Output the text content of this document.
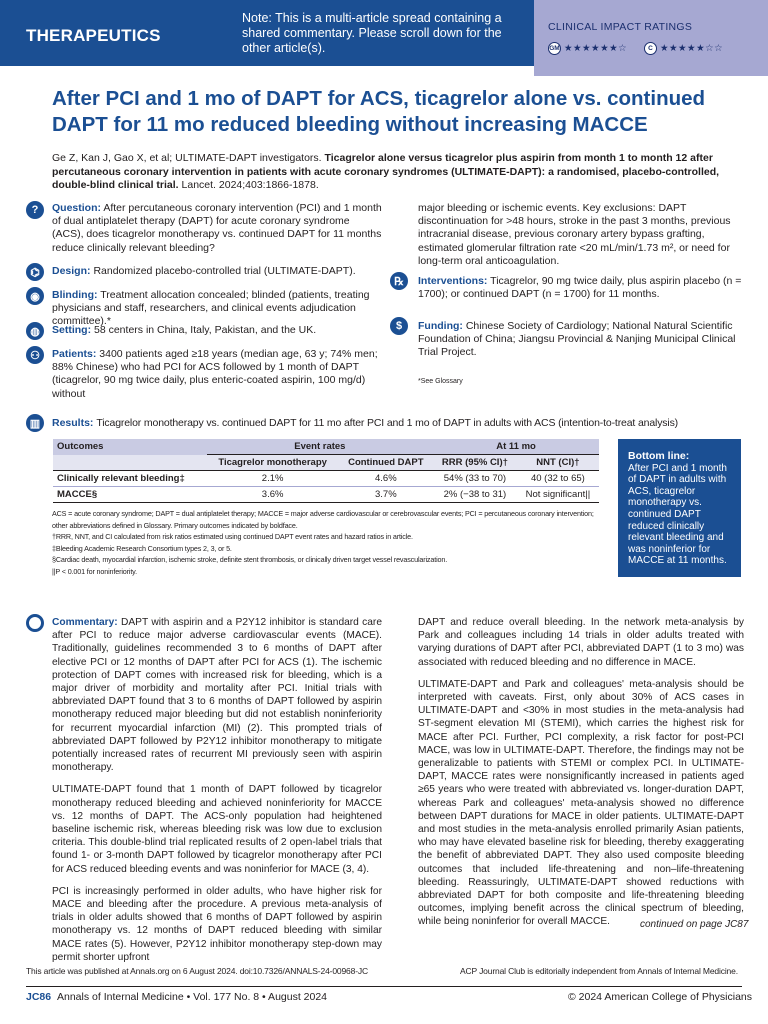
THERAPEUTICS
Note: This is a multi-article spread containing a shared commentary. Please scroll down for the other article(s).
CLINICAL IMPACT RATINGS
GM ★★★★★★☆	C ★★★★★☆☆
After PCI and 1 mo of DAPT for ACS, ticagrelor alone vs. continued DAPT for 11 mo reduced bleeding without increasing MACCE
Ge Z, Kan J, Gao X, et al; ULTIMATE-DAPT investigators. Ticagrelor alone versus ticagrelor plus aspirin from month 1 to month 12 after percutaneous coronary intervention in patients with acute coronary syndromes (ULTIMATE-DAPT): a randomised, placebo-controlled, double-blind clinical trial. Lancet. 2024;403:1866-1878.
?	Question: After percutaneous coronary intervention (PCI) and 1 month of dual antiplatelet therapy (DAPT) for acute coronary syndrome (ACS), does ticagrelor monotherapy vs. continued DAPT for 11 months reduce clinically relevant bleeding?
⌬	Design: Randomized placebo-controlled trial (ULTIMATE-DAPT).
◉	Blinding: Treatment allocation concealed; blinded (patients, treating physicians and staff, researchers, and clinical events adjudication committee).*
◍	Setting: 58 centers in China, Italy, Pakistan, and the UK.
⚇	Patients: 3400 patients aged ≥18 years (median age, 63 y; 74% men; 88% Chinese) who had PCI for ACS followed by 1 month of DAPT (ticagrelor, 90 mg twice daily, plus enteric-coated aspirin, 100 mg/d) without
major bleeding or ischemic events. Key exclusions: DAPT discontinuation for >48 hours, stroke in the past 3 months, previous intracranial disease, previous coronary artery bypass grafting, estimated glomerular filtration rate <20 mL/min/1.73 m², or need for long-term oral anticoagulation.
℞	Interventions: Ticagrelor, 90 mg twice daily, plus aspirin placebo (n = 1700); or continued DAPT (n = 1700) for 11 months.
$	Funding: Chinese Society of Cardiology; National Natural Scientific Foundation of China; Jiangsu Provincial & Nanjing Municipal Clinical Trial Project.
*See Glossary
▥	Results: Ticagrelor monotherapy vs. continued DAPT for 11 mo after PCI and 1 mo of DAPT in adults with ACS (intention-to-treat analysis)
Outcomes	Event rates		At 11 mo	
	Ticagrelor monotherapy	Continued DAPT	RRR (95% CI)†	NNT (CI)†
Clinically relevant bleeding‡	2.1%	4.6%	54% (33 to 70)	40 (32 to 65)
MACCE§	3.6%	3.7%	2% (−38 to 31)	Not significant||
ACS = acute coronary syndrome; DAPT = dual antiplatelet therapy; MACCE = major adverse cardiovascular or cerebrovascular events; PCI = percutaneous coronary intervention; other abbreviations defined in Glossary. Primary outcomes indicated by boldface.
†RRR, NNT, and CI calculated from risk ratios estimated using continued DAPT event rates and hazard ratios in article.
‡Bleeding Academic Research Consortium types 2, 3, or 5.
§Cardiac death, myocardial infarction, ischemic stroke, definite stent thrombosis, or clinically driven target vessel revascularization.
||P < 0.001 for noninferiority.
Bottom line:
After PCI and 1 month of DAPT in adults with ACS, ticagrelor monotherapy vs. continued DAPT reduced clinically relevant bleeding and was noninferior for MACCE at 11 months.

Commentary: DAPT with aspirin and a P2Y12 inhibitor is standard care after PCI to reduce major adverse cardiovascular events (MACE). Traditionally, guidelines recommended 3 to 6 months of DAPT after elective PCI or 12 months of DAPT after PCI for ACS (1). The ischemic protection of DAPT comes with increased risk for bleeding, which is a major driver of morbidity and mortality after PCI. Initial trials with abbreviated DAPT found that 3 to 6 months of DAPT followed by aspirin monotherapy reduced major bleeding but did not establish noninferiority for recurrent myocardial infarction (MI) (2). This prompted trials of abbreviated DAPT followed by P2Y12 inhibitor monotherapy to mitigate potentially increased rates of recurrent MI previously seen with aspirin monotherapy.

ULTIMATE-DAPT found that 1 month of DAPT followed by ticagrelor monotherapy reduced bleeding and achieved noninferiority for MACCE vs. 12 months of DAPT. The ACS-only population had heightened baseline ischemic risk, whereas bleeding risk was low due to exclusion criteria. This double-blind trial replicated results of 2 open-label trials that found 1- or 3-month DAPT followed by ticagrelor monotherapy after PCI for ACS reduced bleeding events and was noninferior for MACE (3, 4).

PCI is increasingly performed in older adults, who have higher risk for MACE and bleeding after the procedure. A previous meta-analysis of trials in older adults showed that 6 months of DAPT followed by aspirin monotherapy vs. 12 months of DAPT reduced bleeding with similar MACE rates (5). However, P2Y12 inhibitor monotherapy step-down may permit shorter upfront

DAPT and reduce overall bleeding. In the network meta-analysis by Park and colleagues including 14 trials in older adults treated with varying durations of DAPT after PCI, abbreviated DAPT (1 to 3 mo) was associated with reduced bleeding and no difference in MACE.

ULTIMATE-DAPT and Park and colleagues' meta-analysis should be interpreted with caveats. First, only about 30% of ACS cases in ULTIMATE-DAPT and <30% in most studies in the meta-analysis had ST-segment elevation MI (STEMI), which carries the highest risk for MACE after PCI. Further, PCI complexity, a risk factor for post-PCI MACE, was low in ULTIMATE-DAPT. Therefore, the findings may not be generalizable to patients with STEMI or complex PCI. In ULTIMATE-DAPT, MACCE rates were nonsignificantly increased in patients aged ≥65 years who were treated with abbreviated vs. longer-duration DAPT, whereas Park and colleagues' meta-analysis showed no difference between DAPT durations for MACE in older patients. ULTIMATE-DAPT and most studies in the meta-analysis enrolled primarily Asian patients, who may have elevated baseline risk for bleeding, thereby exaggerating the benefit of abbreviated DAPT. They also used composite bleeding outcomes that included life-threatening and non–life-threatening bleeding. Reassuringly, ULTIMATE-DAPT showed reductions with abbreviated DAPT for both composite and life-threatening bleeding outcomes, implying benefit across the clinical spectrum of bleeding, while being noninferior for overall MACCE.	continued on page JC87
This article was published at Annals.org on 6 August 2024. doi:10.7326/ANNALS-24-00968-JC	ACP Journal Club is editorially independent from Annals of Internal Medicine.
JC86 Annals of Internal Medicine • Vol. 177 No. 8 • August 2024	© 2024 American College of Physicians
